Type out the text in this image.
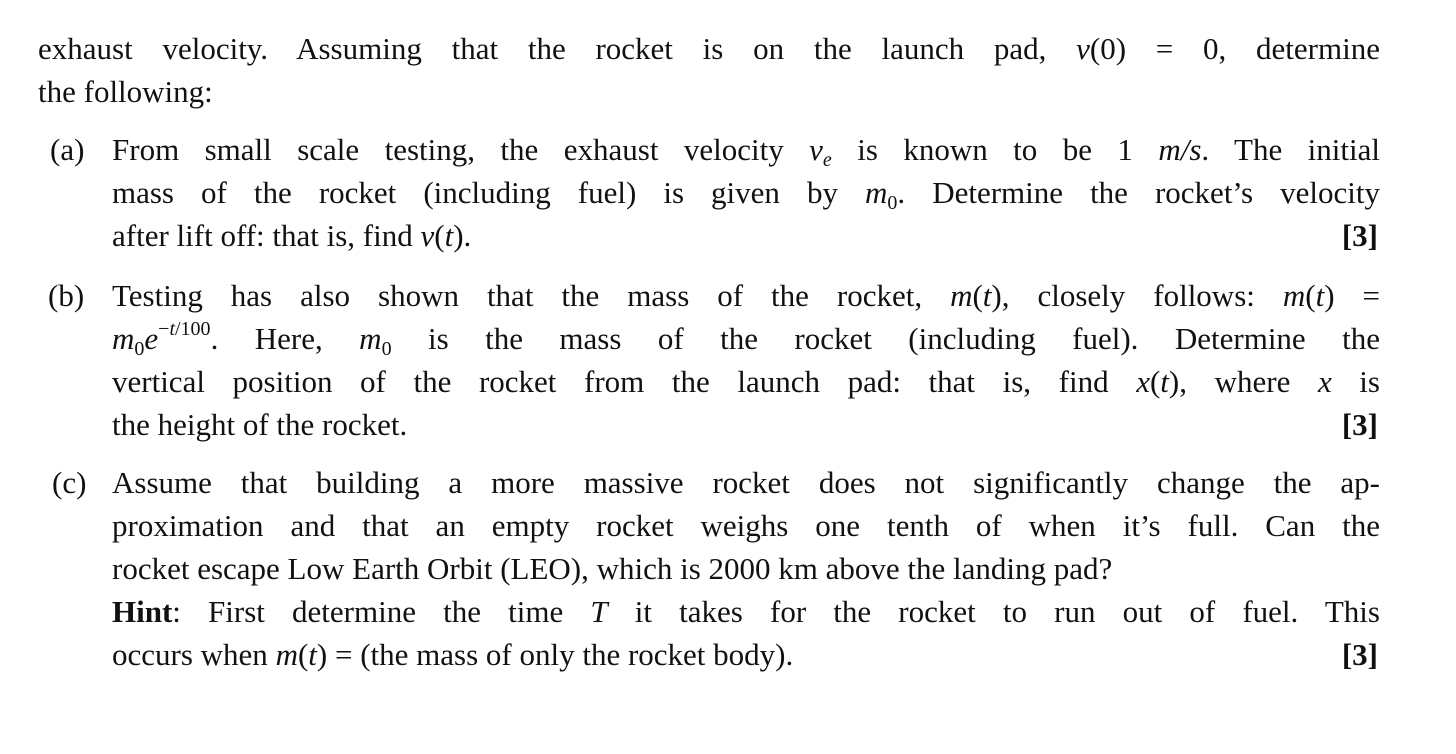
exhaust velocity. Assuming that the rocket is on the launch pad, v(0) = 0, determine
the following:
(a) From small scale testing, the exhaust velocity $v_e$ is known to be 1 m/s. The initial
mass of the rocket (including fuel) is given by $m_0$. Determine the rocket’s velocity
after lift off: that is, find v(t).	[3]
(b) Testing has also shown that the mass of the rocket, m(t), closely follows: m(t) =
$m_0e^{-t/100}$. Here, $m_0$ is the mass of the rocket (including fuel). Determine the
vertical position of the rocket from the launch pad: that is, find x(t), where x is
the height of the rocket.	[3]
(c) Assume that building a more massive rocket does not significantly change the ap-
proximation and that an empty rocket weighs one tenth of when it’s full. Can the
rocket escape Low Earth Orbit (LEO), which is 2000 km above the landing pad?
Hint: First determine the time T it takes for the rocket to run out of fuel. This
occurs when m(t) = (the mass of only the rocket body).	[3]
